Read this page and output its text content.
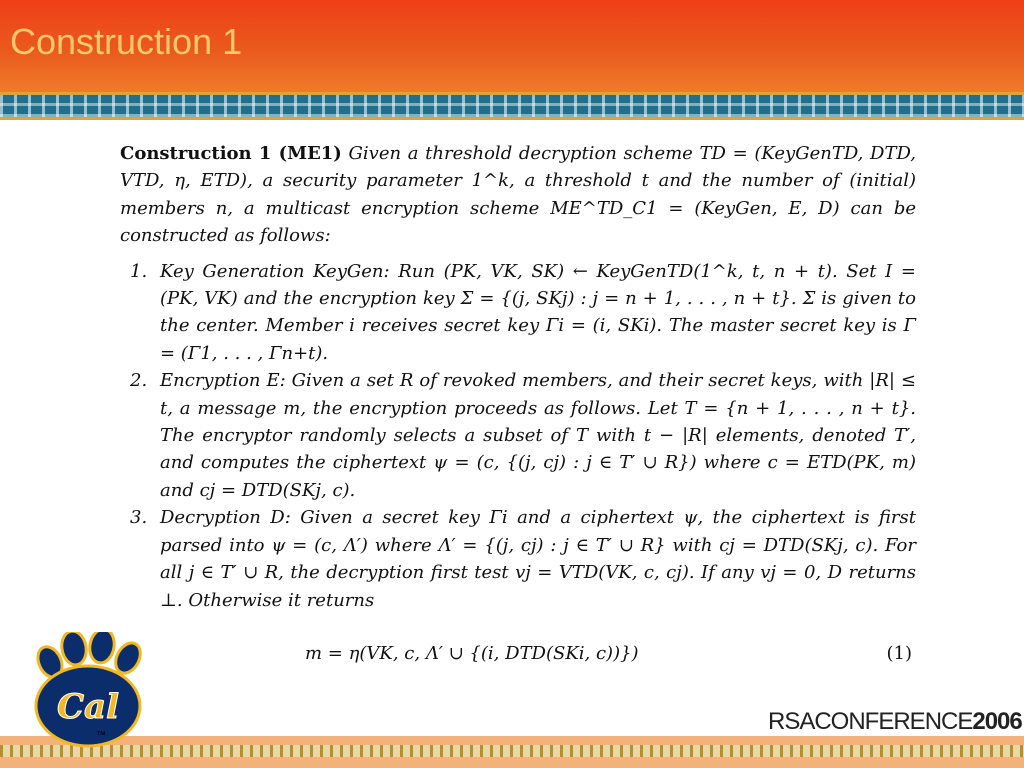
Construction 1

Construction 1 (ME1) Given a threshold decryption scheme TD = (KeyGenTD, DTD, VTD, η, ETD), a security parameter 1^k, a threshold t and the number of (initial) members n, a multicast encryption scheme ME^TD_C1 = (KeyGen, E, D) can be constructed as follows:

1. Key Generation KeyGen: Run (PK, VK, SK) ← KeyGenTD(1^k, t, n + t). Set I = (PK, VK) and the encryption key Σ = {(j, SKj) : j = n + 1, . . . , n + t}. Σ is given to the center. Member i receives secret key Γi = (i, SKi). The master secret key is Γ = (Γ1, . . . , Γn+t).
2. Encryption E: Given a set R of revoked members, and their secret keys, with |R| ≤ t, a message m, the encryption proceeds as follows. Let T = {n + 1, . . . , n + t}. The encryptor randomly selects a subset of T with t − |R| elements, denoted T′, and computes the ciphertext ψ = (c, {(j, cj) : j ∈ T′ ∪ R}) where c = ETD(PK, m) and cj = DTD(SKj, c).
3. Decryption D: Given a secret key Γi and a ciphertext ψ, the ciphertext is first parsed into ψ = (c, Λ′) where Λ′ = {(j, cj) : j ∈ T′ ∪ R} with cj = DTD(SKj, c). For all j ∈ T′ ∪ R, the decryption first test vj = VTD(VK, c, cj). If any vj = 0, D returns ⊥. Otherwise it returns
m = η(VK, c, Λ′ ∪ {(i, DTD(SKi, c))})	(1)
Cal
™
RSACONFERENCE2006
